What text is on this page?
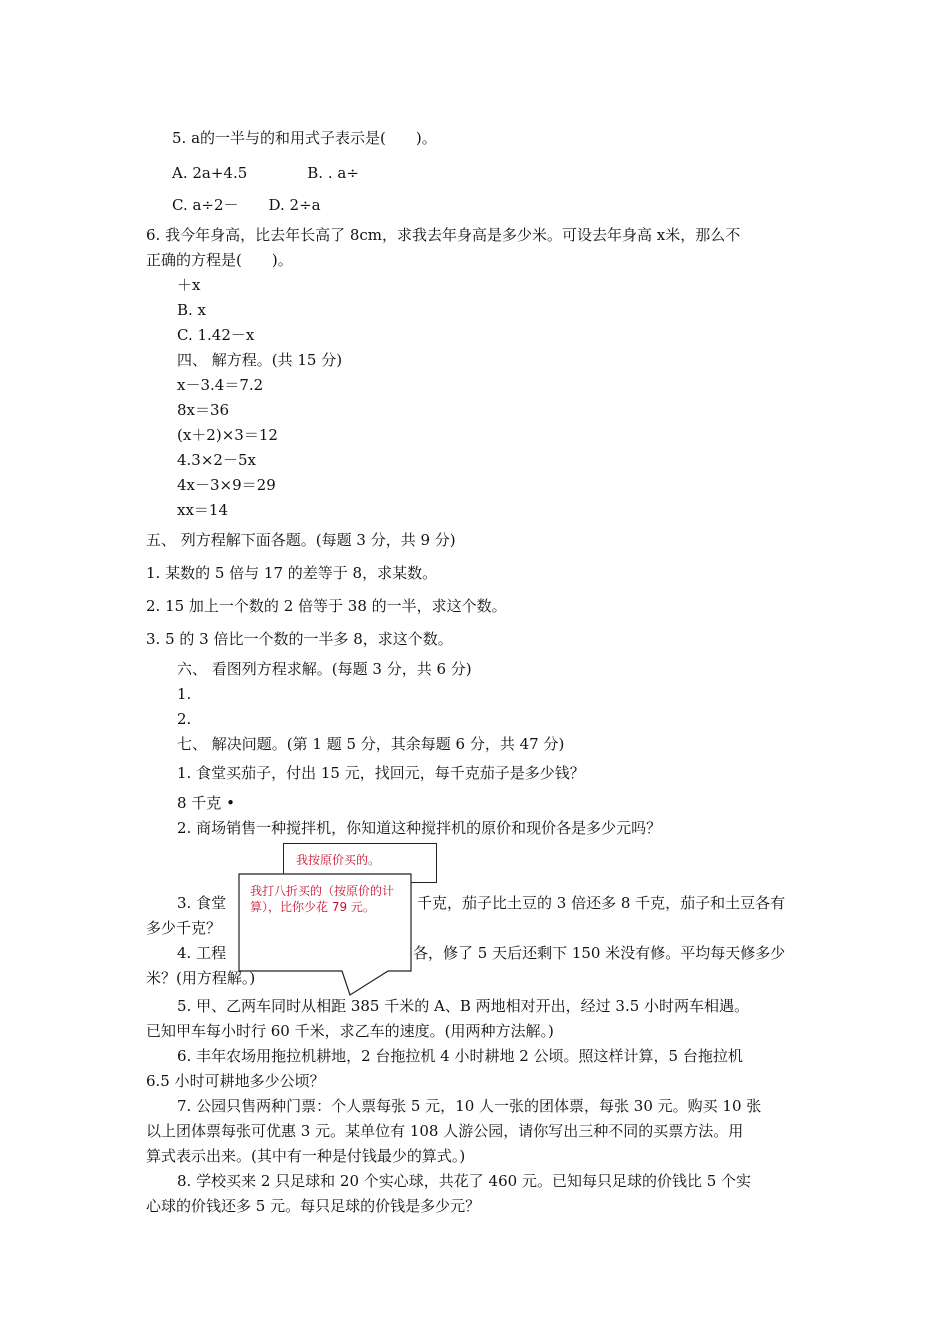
5. a的一半与的和用式子表示是(　　)。
A. 2a+4.5　　　　B. . a÷
C. a÷2－　　D. 2÷a
6. 我今年身高，比去年长高了 8cm，求我去年身高是多少米。可设去年身高 x米，那么不
正确的方程是(　　)。
＋x
B. x
C. 1.42－x
四、 解方程。(共 15 分)
x－3.4＝7.2
8x＝36
(x＋2)×3＝12
4.3×2－5x
4x－3×9＝29
xx＝14
五、 列方程解下面各题。(每题 3 分，共 9 分)
1. 某数的 5 倍与 17 的差等于 8，求某数。
2. 15 加上一个数的 2 倍等于 38 的一半，求这个数。
3. 5 的 3 倍比一个数的一半多 8，求这个数。
六、 看图列方程求解。(每题 3 分，共 6 分)
1.
2.
七、 解决问题。(第 1 题 5 分，其余每题 6 分，共 47 分)
1. 食堂买茄子，付出 15 元，找回元，每千克茄子是多少钱？
8 千克 •
2. 商场销售一种搅拌机，你知道这种搅拌机的原价和现价各是多少元吗？
3. 食堂	千克，茄子比土豆的 3 倍还多 8 千克，茄子和土豆各有
多少千克？
4. 工程	各，修了 5 天后还剩下 150 米没有修。平均每天修多少
米？(用方程解。)
5. 甲、乙两车同时从相距 385 千米的 A、B 两地相对开出，经过 3.5 小时两车相遇。
已知甲车每小时行 60 千米，求乙车的速度。(用两种方法解。)
6. 丰年农场用拖拉机耕地，2 台拖拉机 4 小时耕地 2 公顷。照这样计算，5 台拖拉机
6.5 小时可耕地多少公顷？
7. 公园只售两种门票：个人票每张 5 元，10 人一张的团体票，每张 30 元。购买 10 张
以上团体票每张可优惠 3 元。某单位有 108 人游公园，请你写出三种不同的买票方法。用
算式表示出来。(其中有一种是付钱最少的算式。)
8. 学校买来 2 只足球和 20 个实心球，共花了 460 元。已知每只足球的价钱比 5 个实
心球的价钱还多 5 元。每只足球的价钱是多少元？
我按原价买的。
我打八折买的（按原价的计算），比你少花 79 元。
